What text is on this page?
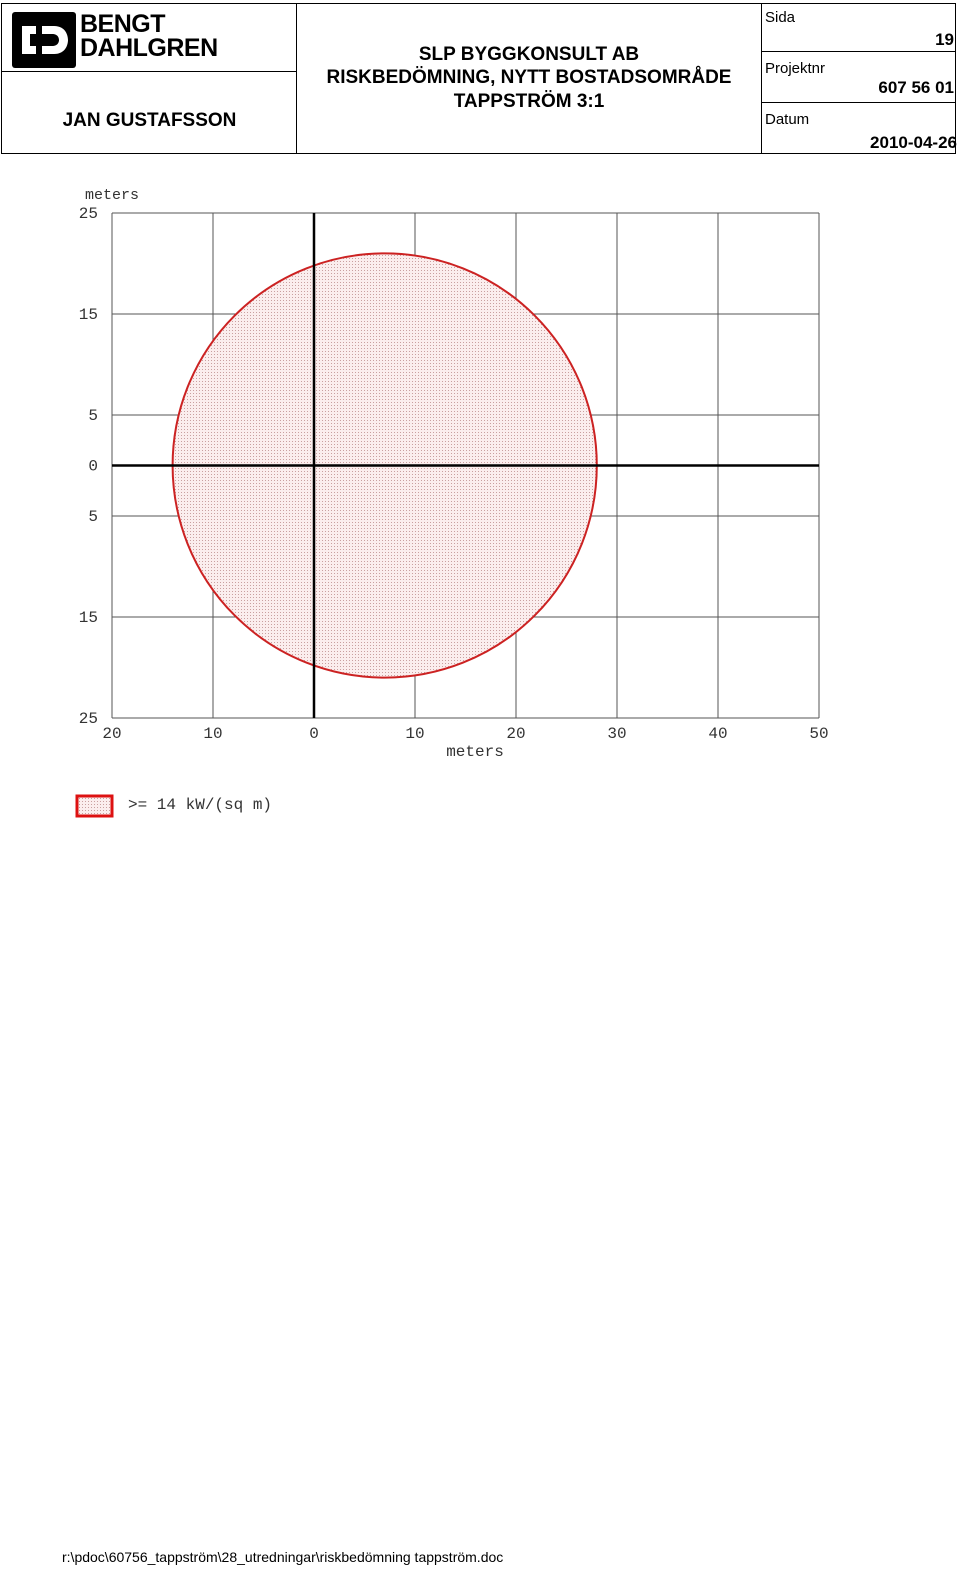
BENGT
DAHLGREN
JAN GUSTAFSSON
SLP BYGGKONSULT AB
RISKBEDÖMNING, NYTT BOSTADSOMRÅDE
TAPPSTRÖM 3:1
Sida
19
Projektnr
607 56 01
Datum
2010-04-26
meters
20	10	0	10	20	30	40	50
25
15
5
0
5
15
25
meters
>= 14 kW/(sq m)
r:\pdoc\60756_tappström\28_utredningar\riskbedömning tappström.doc
